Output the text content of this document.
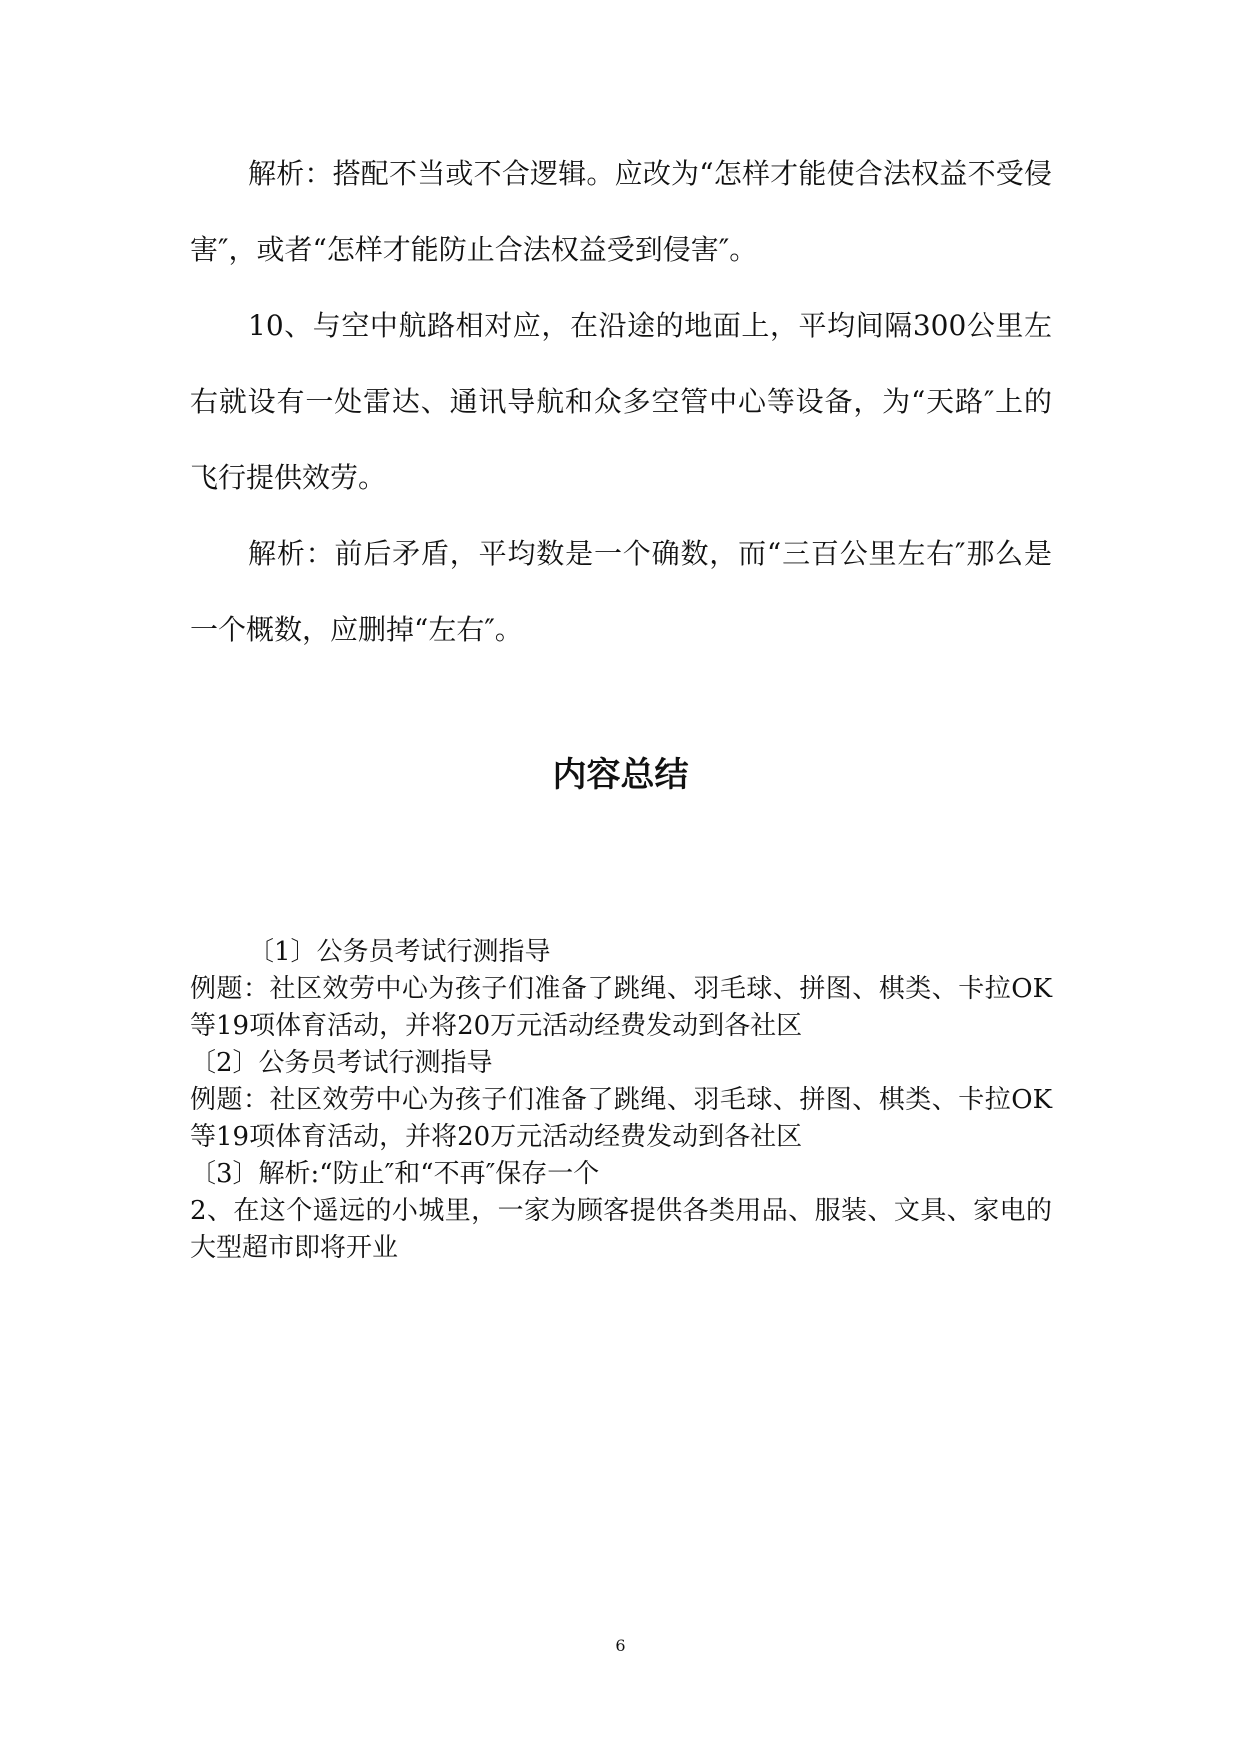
解析：搭配不当或不合逻辑。应改为“怎样才能使合法权益不受侵害″，或者“怎样才能防止合法权益受到侵害″。

10、与空中航路相对应，在沿途的地面上，平均间隔300公里左右就设有一处雷达、通讯导航和众多空管中心等设备，为“天路″上的飞行提供效劳。

解析：前后矛盾，平均数是一个确数，而“三百公里左右″那么是一个概数，应删掉“左右″。

内容总结

〔1〕公务员考试行测指导

例题：社区效劳中心为孩子们准备了跳绳、羽毛球、拼图、棋类、卡拉OK等19项体育活动，并将20万元活动经费发动到各社区

〔2〕公务员考试行测指导

例题：社区效劳中心为孩子们准备了跳绳、羽毛球、拼图、棋类、卡拉OK等19项体育活动，并将20万元活动经费发动到各社区

〔3〕解析:“防止″和“不再″保存一个

2、在这个遥远的小城里，一家为顾客提供各类用品、服装、文具、家电的大型超市即将开业

6
